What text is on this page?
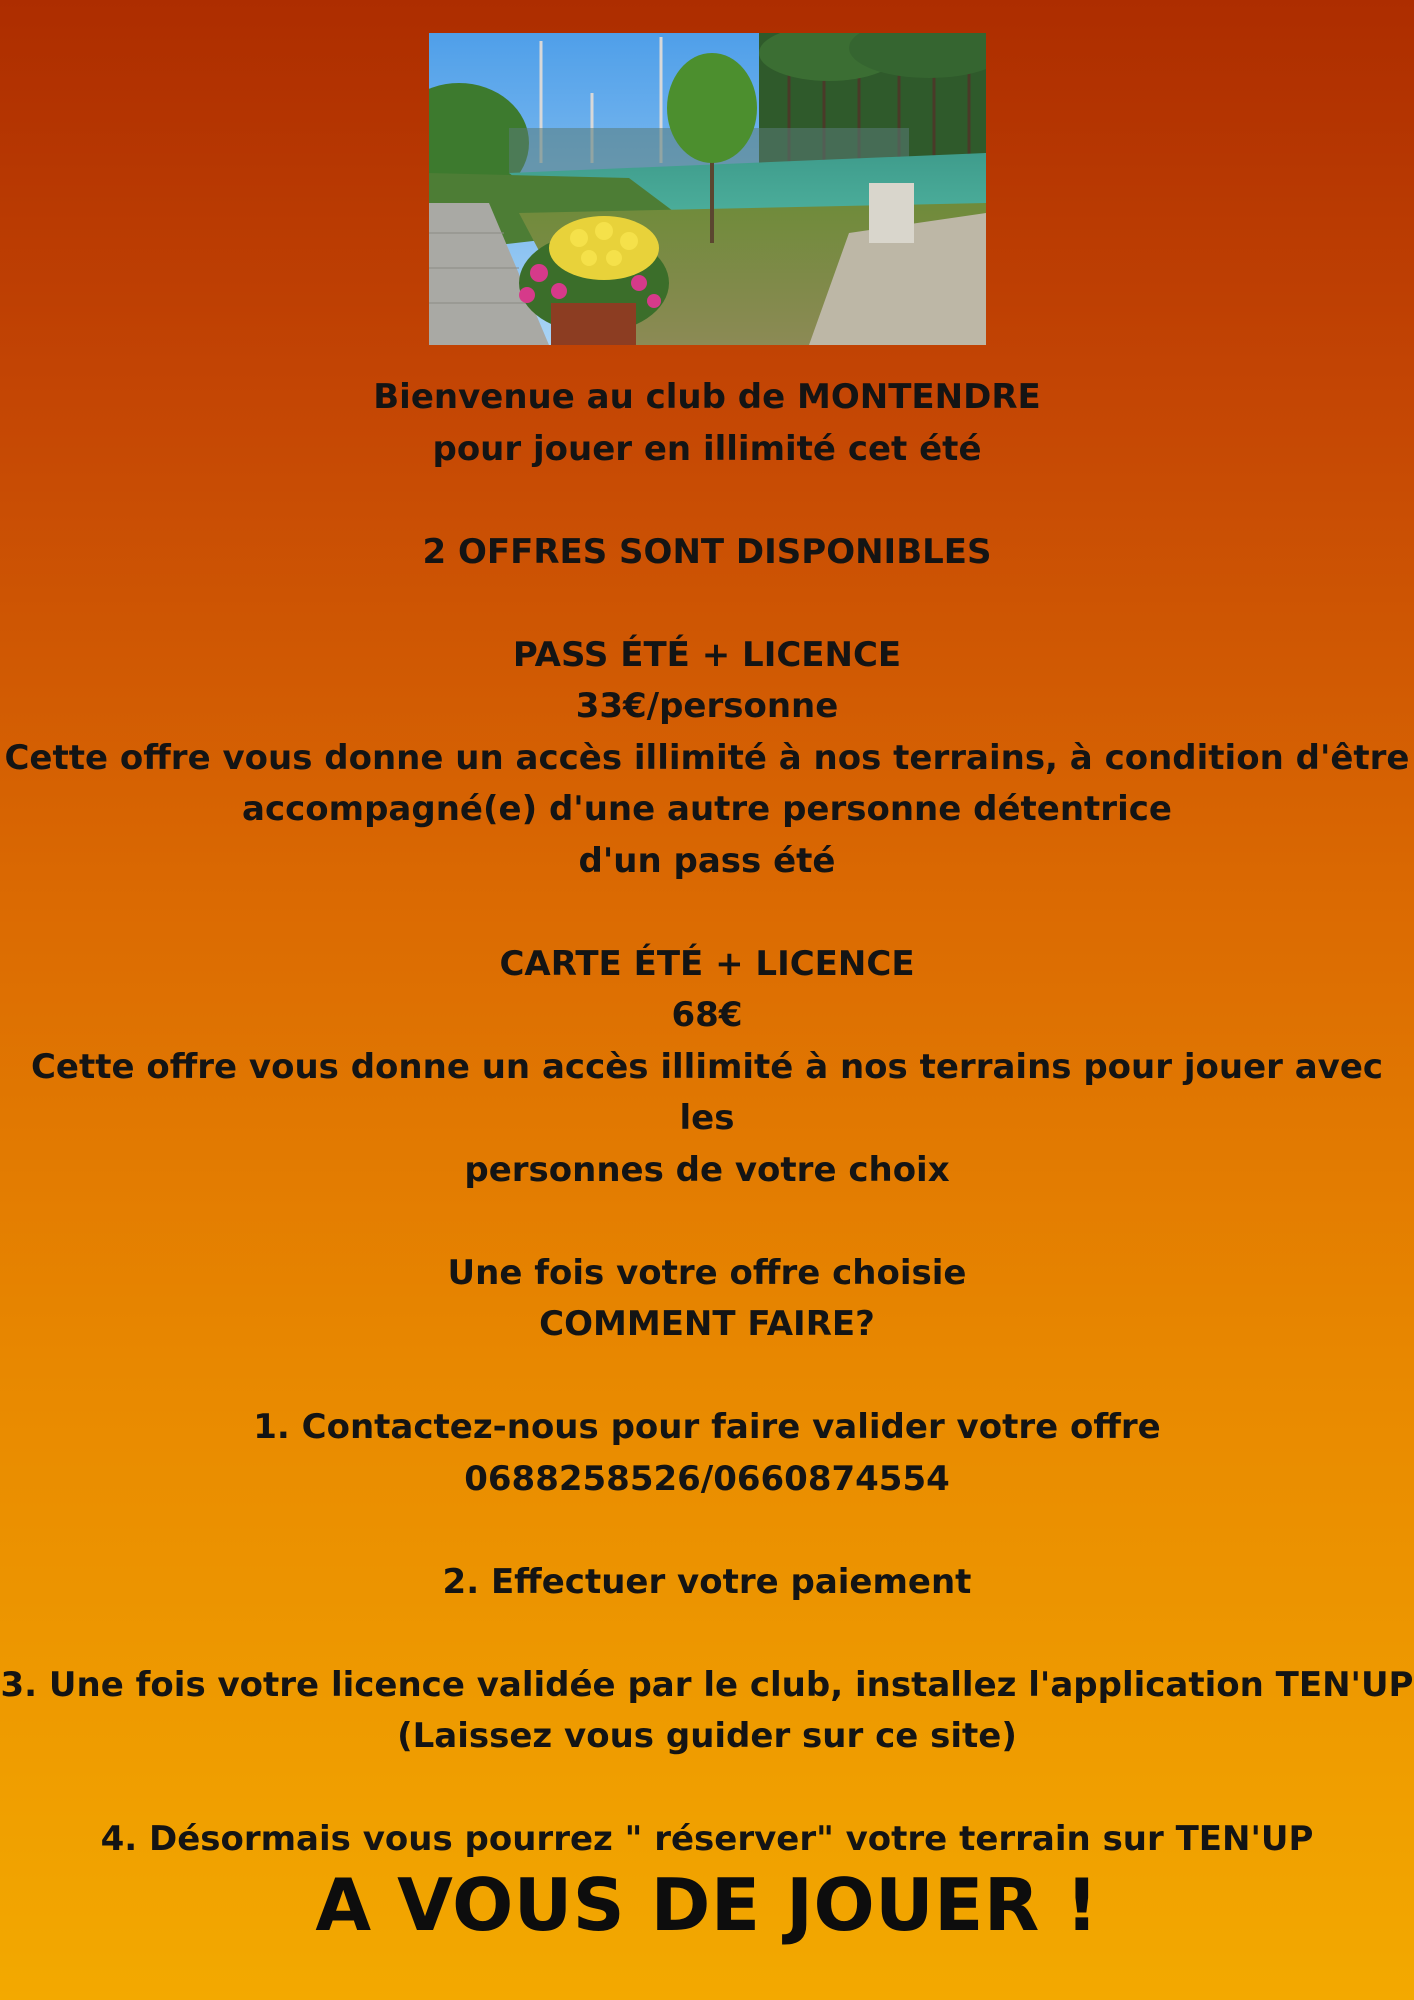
Bienvenue au club de MONTENDRE

pour jouer en illimité cet été

2 OFFRES SONT DISPONIBLES

PASS ÉTÉ + LICENCE

33€/personne

Cette offre vous donne un accès illimité à nos terrains, à condition d'être

accompagné(e) d'une autre personne détentrice

d'un pass été

CARTE ÉTÉ + LICENCE

68€

Cette offre vous donne un accès illimité à nos terrains pour jouer avec les

personnes de votre choix

Une fois votre offre choisie

COMMENT FAIRE?

1. Contactez-nous pour faire valider votre offre

0688258526/0660874554

2. Effectuer votre paiement

3. Une fois votre licence validée par le club, installez l'application TEN'UP

(Laissez vous guider sur ce site)

4. Désormais vous pourrez " réserver" votre terrain sur TEN'UP

A VOUS DE JOUER !
